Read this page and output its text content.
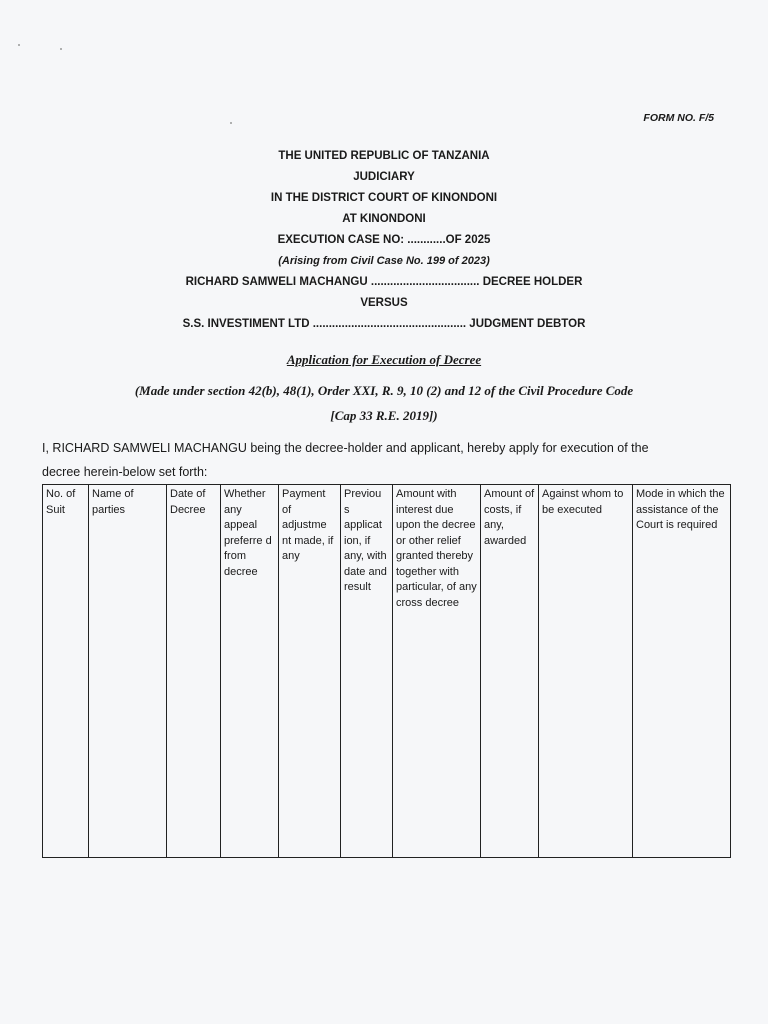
FORM NO. F/5
THE UNITED REPUBLIC OF TANZANIA
JUDICIARY
IN THE DISTRICT COURT OF KINONDONI
AT KINONDONI
EXECUTION CASE NO: ............OF 2025
(Arising from Civil Case No. 199 of 2023)
RICHARD SAMWELI MACHANGU .................................. DECREE HOLDER
VERSUS
S.S. INVESTIMENT LTD ................................................ JUDGMENT DEBTOR
Application for Execution of Decree
(Made under section 42(b), 48(1), Order XXI, R. 9, 10 (2) and 12 of the Civil Procedure Code
[Cap 33 R.E. 2019])
I, RICHARD SAMWELI MACHANGU being the decree-holder and applicant, hereby apply for execution of the
decree herein-below set forth:
No. of Suit	Name of parties	Date of Decree	Whether any appeal preferre d from decree	Payment of adjustme nt made, if any	Previou s applicat ion, if any, with date and result	Amount with interest due upon the decree or other relief granted thereby together with particular, of any cross decree	Amount of costs, if any, awarded	Against whom to be executed	Mode in which the assistance of the Court is required
